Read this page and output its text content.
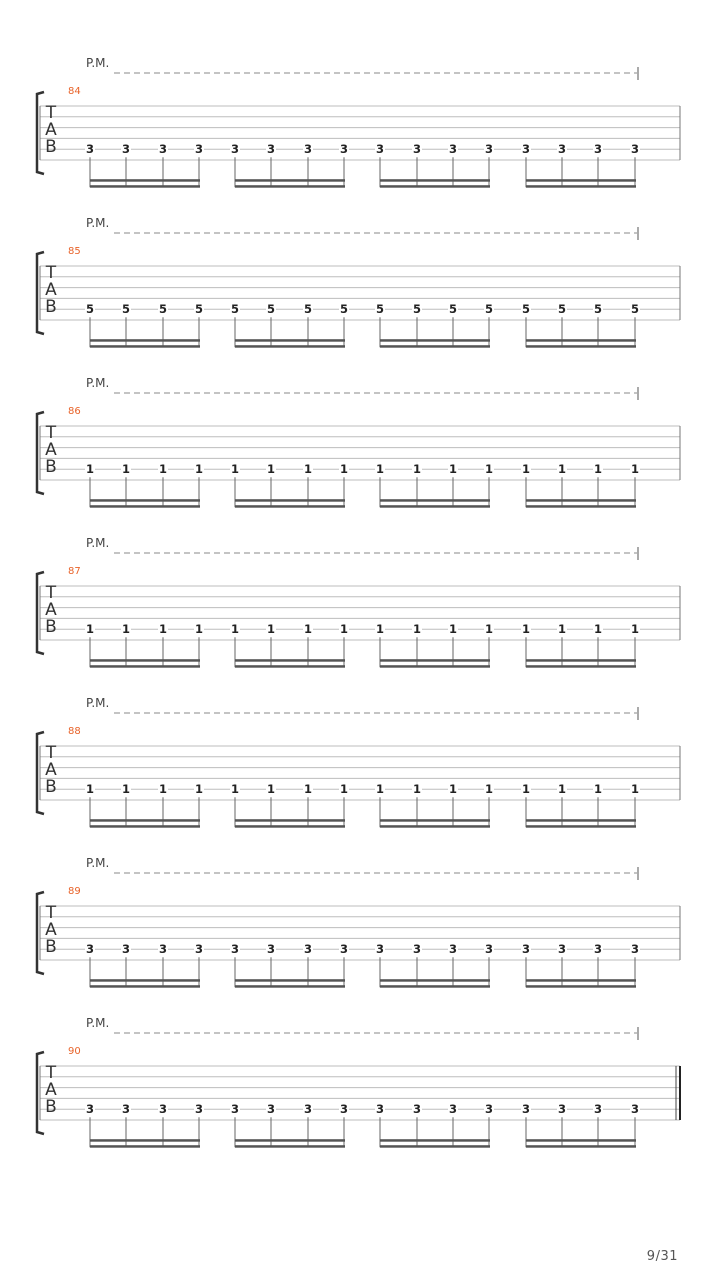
P.M.
84
T
A
B	3 3	3 3 3 3	3 3 3	3 3 3	3 3 3	3
P.M.
85
T
A
B	5 5	5 5 5 5	5 5 5	5 5 5	5 5 5	5
P.M.
86
T
A
B	1 1	1 1 1 1	1 1 1	1 1 1	1 1 1	1
P.M.
87
T
A
B	1 1	1 1 1 1	1 1 1	1 1 1	1 1 1	1
P.M.
88
T
A
B	1 1	1 1 1 1	1 1 1	1 1 1	1 1 1	1
P.M.
89
T
A
B	3 3	3 3 3 3	3 3 3	3 3 3	3 3 3	3
P.M.
90
T
A
B	3 3	3 3 3 3	3 3 3	3 3 3	3 3 3	3
9/31
